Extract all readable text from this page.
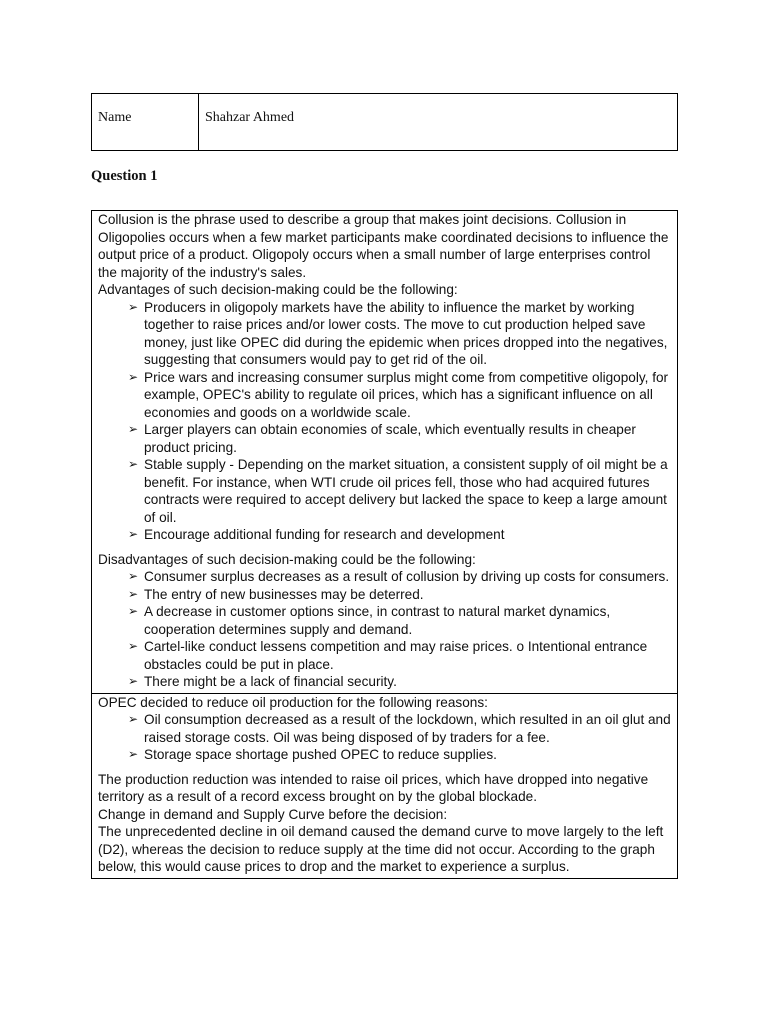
Name	Shahzar Ahmed
Question 1

Collusion is the phrase used to describe a group that makes joint decisions. Collusion in Oligopolies occurs when a few market participants make coordinated decisions to influence the output price of a product. Oligopoly occurs when a small number of large enterprises control the majority of the industry's sales.

Advantages of such decision-making could be the following:

➢ Producers in oligopoly markets have the ability to influence the market by working together to raise prices and/or lower costs. The move to cut production helped save money, just like OPEC did during the epidemic when prices dropped into the negatives, suggesting that consumers would pay to get rid of the oil.
➢ Price wars and increasing consumer surplus might come from competitive oligopoly, for example, OPEC's ability to regulate oil prices, which has a significant influence on all economies and goods on a worldwide scale.
➢ Larger players can obtain economies of scale, which eventually results in cheaper product pricing.
➢ Stable supply - Depending on the market situation, a consistent supply of oil might be a benefit. For instance, when WTI crude oil prices fell, those who had acquired futures contracts were required to accept delivery but lacked the space to keep a large amount of oil.
➢ Encourage additional funding for research and development

Disadvantages of such decision-making could be the following:

➢ Consumer surplus decreases as a result of collusion by driving up costs for consumers.
➢ The entry of new businesses may be deterred.
➢ A decrease in customer options since, in contrast to natural market dynamics, cooperation determines supply and demand.
➢ Cartel-like conduct lessens competition and may raise prices. o Intentional entrance obstacles could be put in place.
➢ There might be a lack of financial security.

OPEC decided to reduce oil production for the following reasons:

➢ Oil consumption decreased as a result of the lockdown, which resulted in an oil glut and raised storage costs. Oil was being disposed of by traders for a fee.
➢ Storage space shortage pushed OPEC to reduce supplies.

The production reduction was intended to raise oil prices, which have dropped into negative territory as a result of a record excess brought on by the global blockade.

Change in demand and Supply Curve before the decision:

The unprecedented decline in oil demand caused the demand curve to move largely to the left (D2), whereas the decision to reduce supply at the time did not occur. According to the graph below, this would cause prices to drop and the market to experience a surplus.
